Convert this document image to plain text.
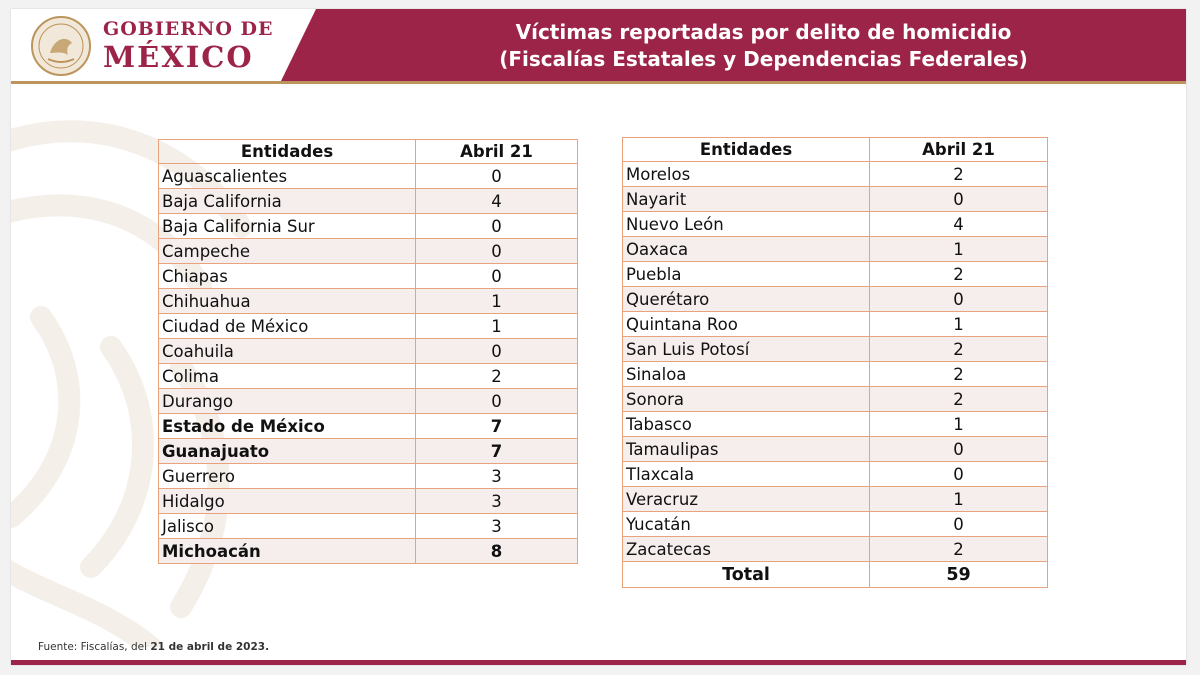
GOBIERNO DE
MÉXICO
Víctimas reportadas por delito de homicidio
(Fiscalías Estatales y Dependencias Federales)
Entidades	Abril 21
Aguascalientes	0
Baja California	4
Baja California Sur	0
Campeche	0
Chiapas	0
Chihuahua	1
Ciudad de México	1
Coahuila	0
Colima	2
Durango	0
Estado de México	7
Guanajuato	7
Guerrero	3
Hidalgo	3
Jalisco	3
Michoacán	8
Entidades	Abril 21
Morelos	2
Nayarit	0
Nuevo León	4
Oaxaca	1
Puebla	2
Querétaro	0
Quintana Roo	1
San Luis Potosí	2
Sinaloa	2
Sonora	2
Tabasco	1
Tamaulipas	0
Tlaxcala	0
Veracruz	1
Yucatán	0
Zacatecas	2
Total	59
Fuente: Fiscalías, del 21 de abril de 2023.
